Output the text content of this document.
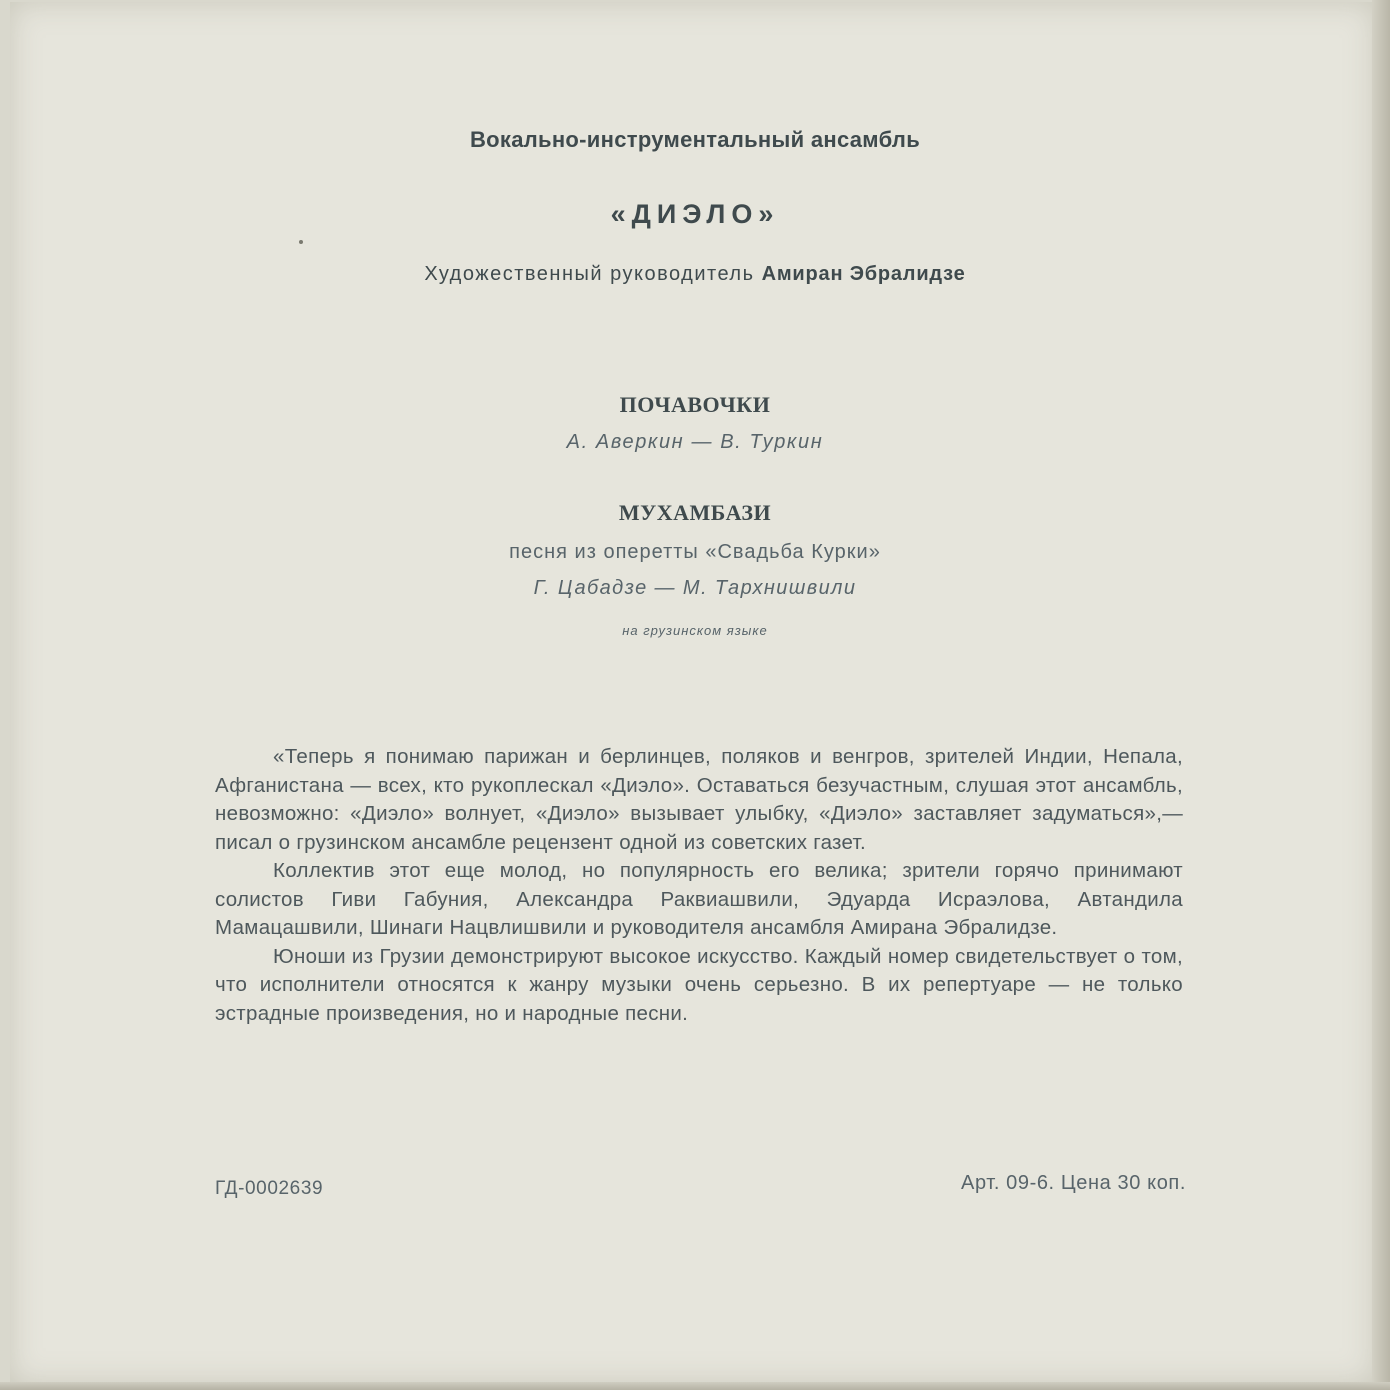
Вокально-инструментальный ансамбль
«ДИЭЛО»
Художественный руководитель Амиран Эбралидзе
ПОЧАВОЧКИ
А. Аверкин — В. Туркин
МУХАМБАЗИ
песня из оперетты «Свадьба Курки»
Г. Цабадзе — М. Тархнишвили
на грузинском языке

«Теперь я понимаю парижан и берлинцев, поляков и венгров, зрителей Индии, Непала, Афганистана — всех, кто рукоплескал «Диэло». Оставаться безучастным, слушая этот ансамбль, невозможно: «Диэло» волнует, «Диэло» вызывает улыбку, «Диэло» заставляет задуматься»,— писал о грузинском ансамбле рецензент одной из советских газет.

Коллектив этот еще молод, но популярность его велика; зрители горячо принимают солистов Гиви Габуния, Александра Раквиашвили, Эдуарда Исраэлова, Автандила Мамацашвили, Шинаги Нацвлишвили и руководителя ансамбля Амирана Эбралидзе.

Юноши из Грузии демонстрируют высокое искусство. Каждый номер свидетельствует о том, что исполнители относятся к жанру музыки очень серьезно. В их репертуаре — не только эстрадные произведения, но и народные песни.

ГД-0002639	Арт. 09-6. Цена 30 коп.
